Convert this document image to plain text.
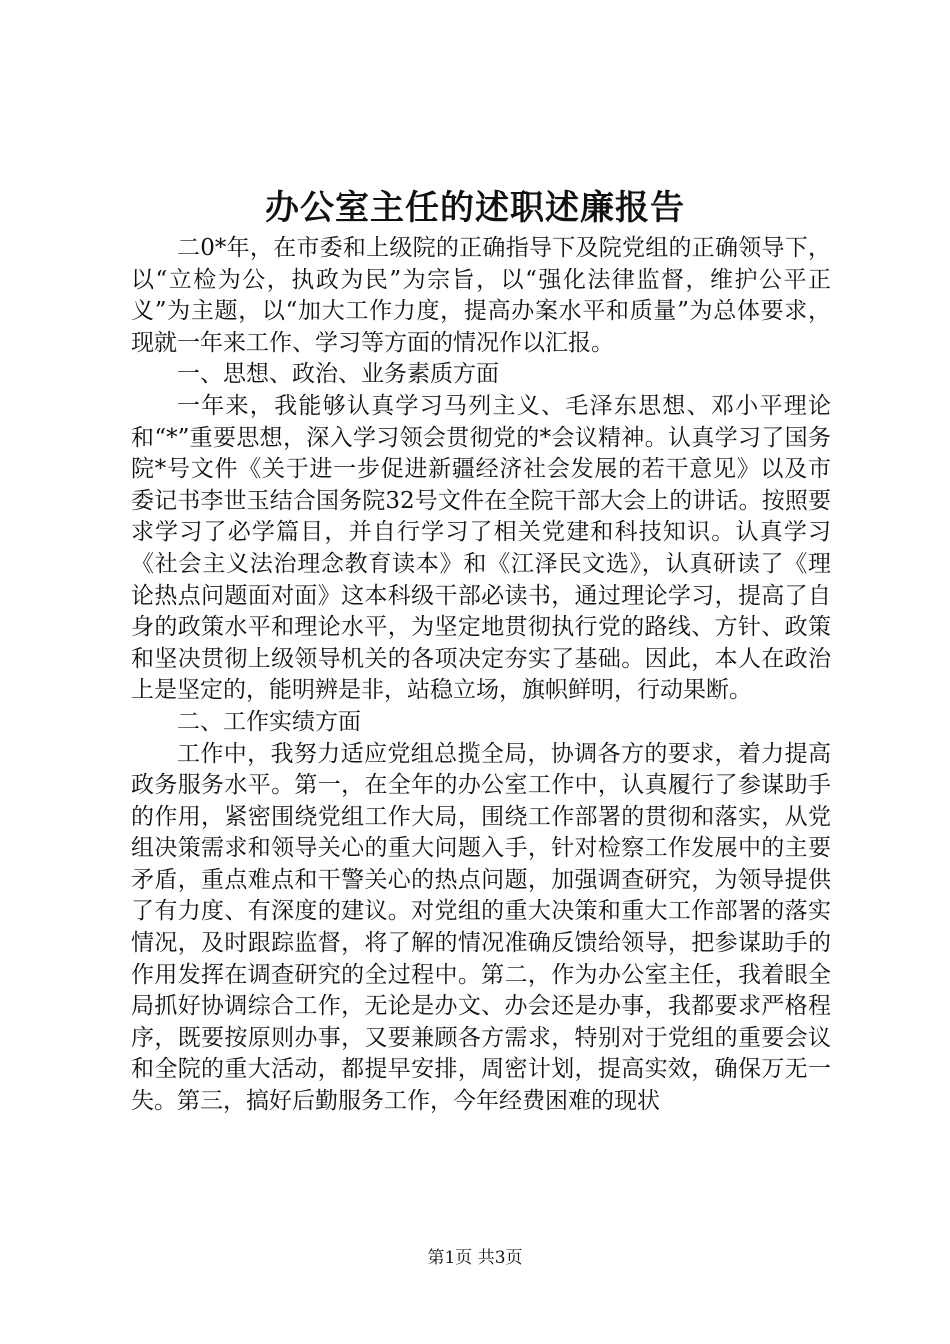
办公室主任的述职述廉报告

二0*年，在市委和上级院的正确指导下及院党组的正确领导下，以“立检为公，执政为民”为宗旨，以“强化法律监督，维护公平正义”为主题，以“加大工作力度，提高办案水平和质量”为总体要求，现就一年来工作、学习等方面的情况作以汇报。

一、思想、政治、业务素质方面

一年来，我能够认真学习马列主义、毛泽东思想、邓小平理论和“*”重要思想，深入学习领会贯彻党的*会议精神。认真学习了国务院*号文件《关于进一步促进新疆经济社会发展的若干意见》以及市委记书李世玉结合国务院32号文件在全院干部大会上的讲话。按照要求学习了必学篇目，并自行学习了相关党建和科技知识。认真学习《社会主义法治理念教育读本》和《江泽民文选》，认真研读了《理论热点问题面对面》这本科级干部必读书，通过理论学习，提高了自身的政策水平和理论水平，为坚定地贯彻执行党的路线、方针、政策和坚决贯彻上级领导机关的各项决定夯实了基础。因此，本人在政治上是坚定的，能明辨是非，站稳立场，旗帜鲜明，行动果断。

二、工作实绩方面

工作中，我努力适应党组总揽全局，协调各方的要求，着力提高政务服务水平。第一，在全年的办公室工作中，认真履行了参谋助手的作用，紧密围绕党组工作大局，围绕工作部署的贯彻和落实，从党组决策需求和领导关心的重大问题入手，针对检察工作发展中的主要矛盾，重点难点和干警关心的热点问题，加强调查研究，为领导提供了有力度、有深度的建议。对党组的重大决策和重大工作部署的落实情况，及时跟踪监督，将了解的情况准确反馈给领导，把参谋助手的作用发挥在调查研究的全过程中。第二，作为办公室主任，我着眼全局抓好协调综合工作，无论是办文、办会还是办事，我都要求严格程序，既要按原则办事，又要兼顾各方需求，特别对于党组的重要会议和全院的重大活动，都提早安排，周密计划，提高实效，确保万无一失。第三，搞好后勤服务工作，今年经费困难的现状

第1页 共3页
